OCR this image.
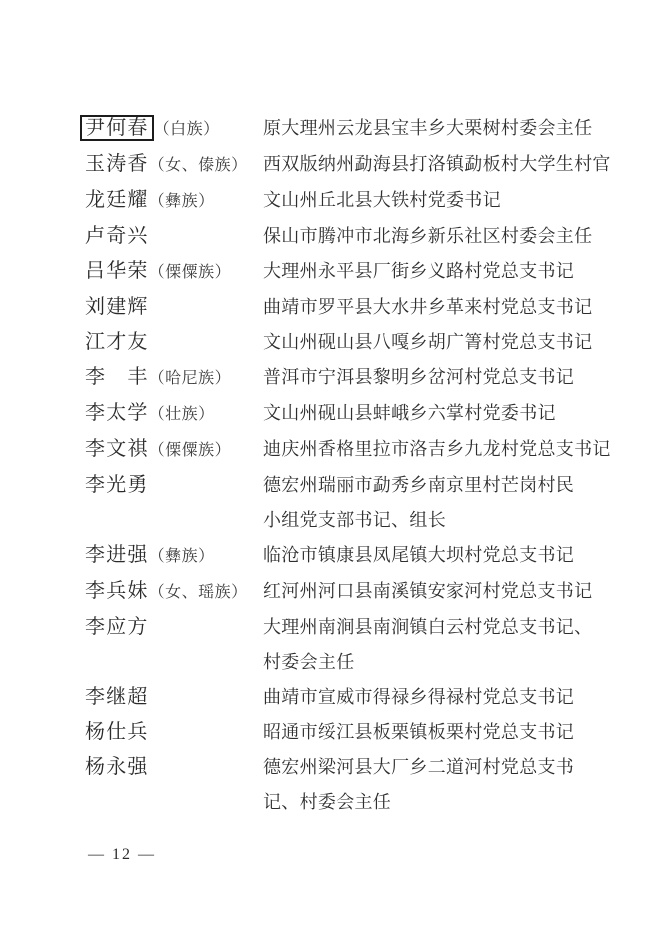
尹何春 （白族）	原大理州云龙县宝丰乡大栗树村委会主任
玉涛香（女、傣族） 西双版纳州勐海县打洛镇勐板村大学生村官
龙廷耀（彝族）	文山州丘北县大铁村党委书记
卢奇兴	保山市腾冲市北海乡新乐社区村委会主任
吕华荣（傈僳族）	大理州永平县厂街乡义路村党总支书记
刘建辉	曲靖市罗平县大水井乡革来村党总支书记
江才友	文山州砚山县八嘎乡胡广箐村党总支书记
李　丰（哈尼族）	普洱市宁洱县黎明乡岔河村党总支书记
李太学（壮族）	文山州砚山县蚌峨乡六掌村党委书记
李文祺（傈僳族）	迪庆州香格里拉市洛吉乡九龙村党总支书记
李光勇	德宏州瑞丽市勐秀乡南京里村芒岗村民
小组党支部书记、组长
李进强（彝族）	临沧市镇康县凤尾镇大坝村党总支书记
李兵妹（女、瑶族） 红河州河口县南溪镇安家河村党总支书记
李应方	大理州南涧县南涧镇白云村党总支书记、
村委会主任
李继超	曲靖市宣威市得禄乡得禄村党总支书记
杨仕兵	昭通市绥江县板栗镇板栗村党总支书记
杨永强	德宏州梁河县大厂乡二道河村党总支书
记、村委会主任
— 12 —
